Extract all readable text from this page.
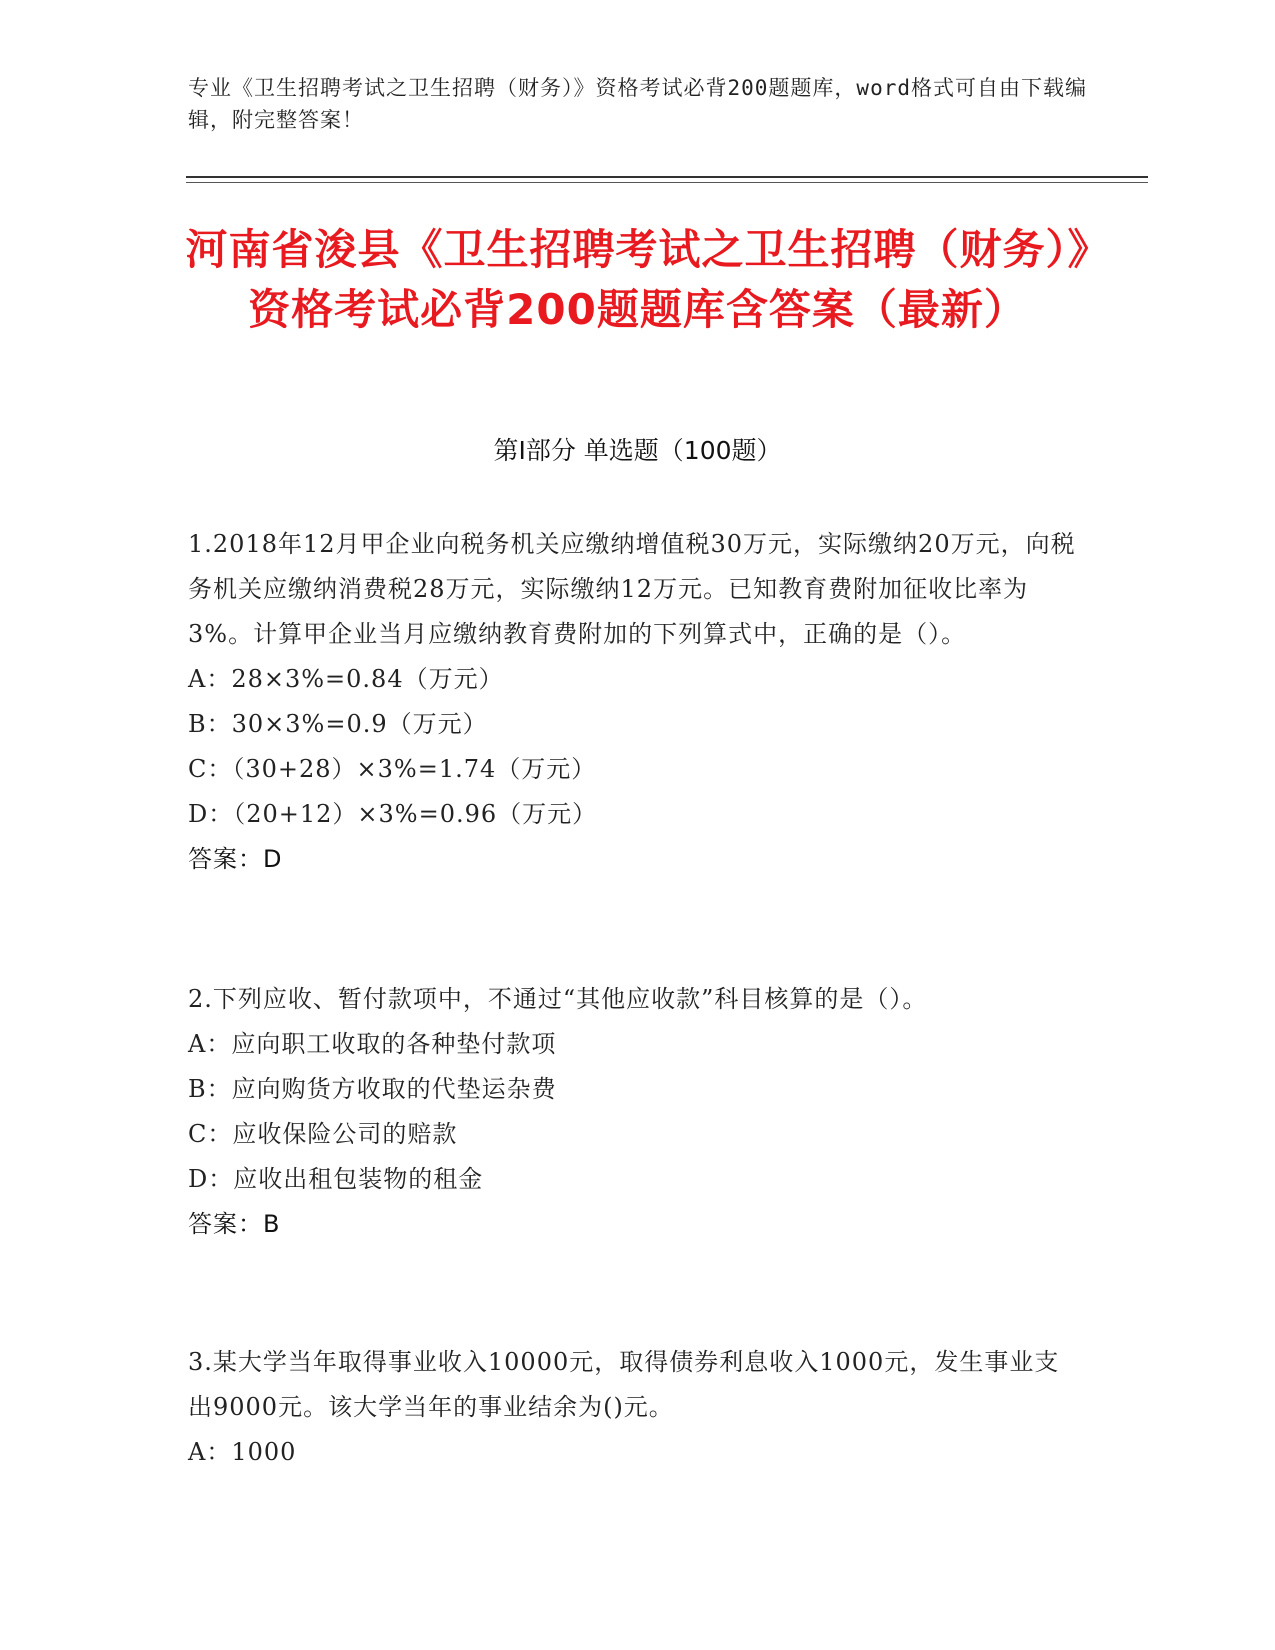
专业《卫生招聘考试之卫生招聘（财务）》资格考试必背200题题库，word格式可自由下载编辑，附完整答案！
河南省浚县《卫生招聘考试之卫生招聘（财务）》资格考试必背200题题库含答案（最新）
第Ⅰ部分 单选题（100题）

1.2018年12月甲企业向税务机关应缴纳增值税30万元，实际缴纳20万元，向税务机关应缴纳消费税28万元，实际缴纳12万元。已知教育费附加征收比率为3%。计算甲企业当月应缴纳教育费附加的下列算式中，正确的是（）。

A：28×3%=0.84（万元）

B：30×3%=0.9（万元）

C：（30+28）×3%=1.74（万元）

D：（20+12）×3%=0.96（万元）

答案：D

2.下列应收、暂付款项中，不通过“其他应收款”科目核算的是（）。

A：应向职工收取的各种垫付款项

B：应向购货方收取的代垫运杂费

C：应收保险公司的赔款

D：应收出租包装物的租金

答案：B

3.某大学当年取得事业收入10000元，取得债券利息收入1000元，发生事业支出9000元。该大学当年的事业结余为()元。

A：1000
